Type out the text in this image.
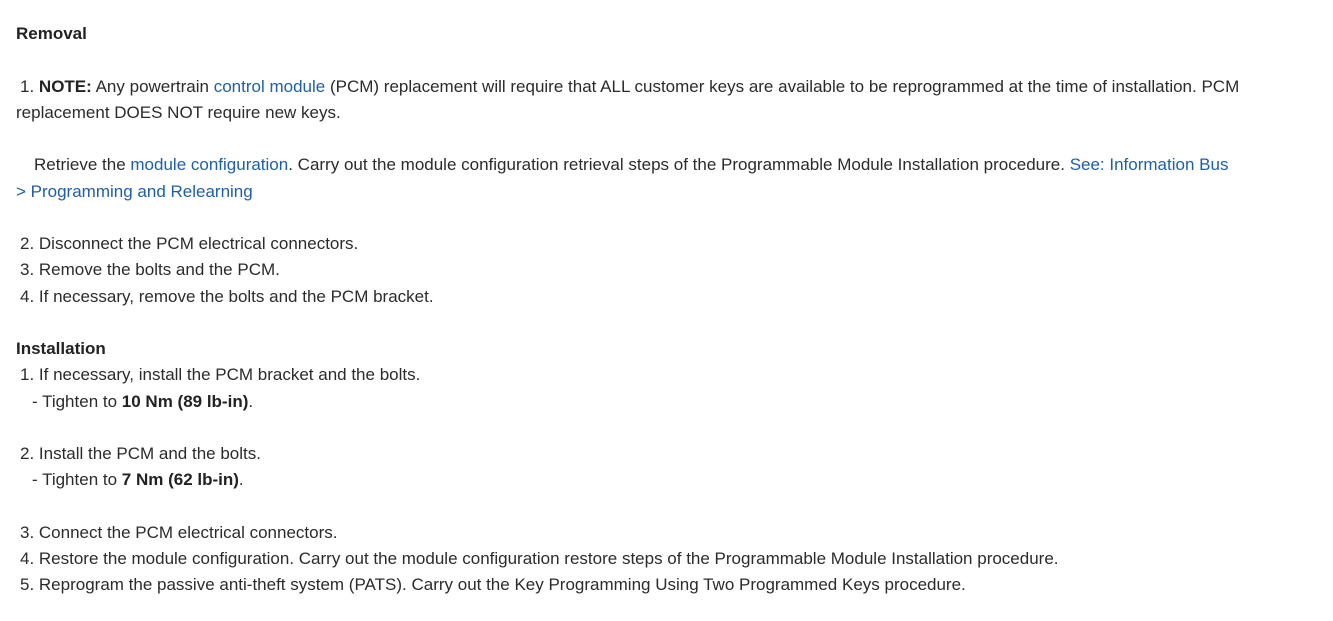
Removal
1. NOTE: Any powertrain control module (PCM) replacement will require that ALL customer keys are available to be reprogrammed at the time of installation. PCM
replacement DOES NOT require new keys.
Retrieve the module configuration. Carry out the module configuration retrieval steps of the Programmable Module Installation procedure. See: Information Bus
> Programming and Relearning
2. Disconnect the PCM electrical connectors.
3. Remove the bolts and the PCM.
4. If necessary, remove the bolts and the PCM bracket.
Installation
1. If necessary, install the PCM bracket and the bolts.
- Tighten to 10 Nm (89 lb-in).
2. Install the PCM and the bolts.
- Tighten to 7 Nm (62 lb-in).
3. Connect the PCM electrical connectors.
4. Restore the module configuration. Carry out the module configuration restore steps of the Programmable Module Installation procedure.
5. Reprogram the passive anti-theft system (PATS). Carry out the Key Programming Using Two Programmed Keys procedure.
